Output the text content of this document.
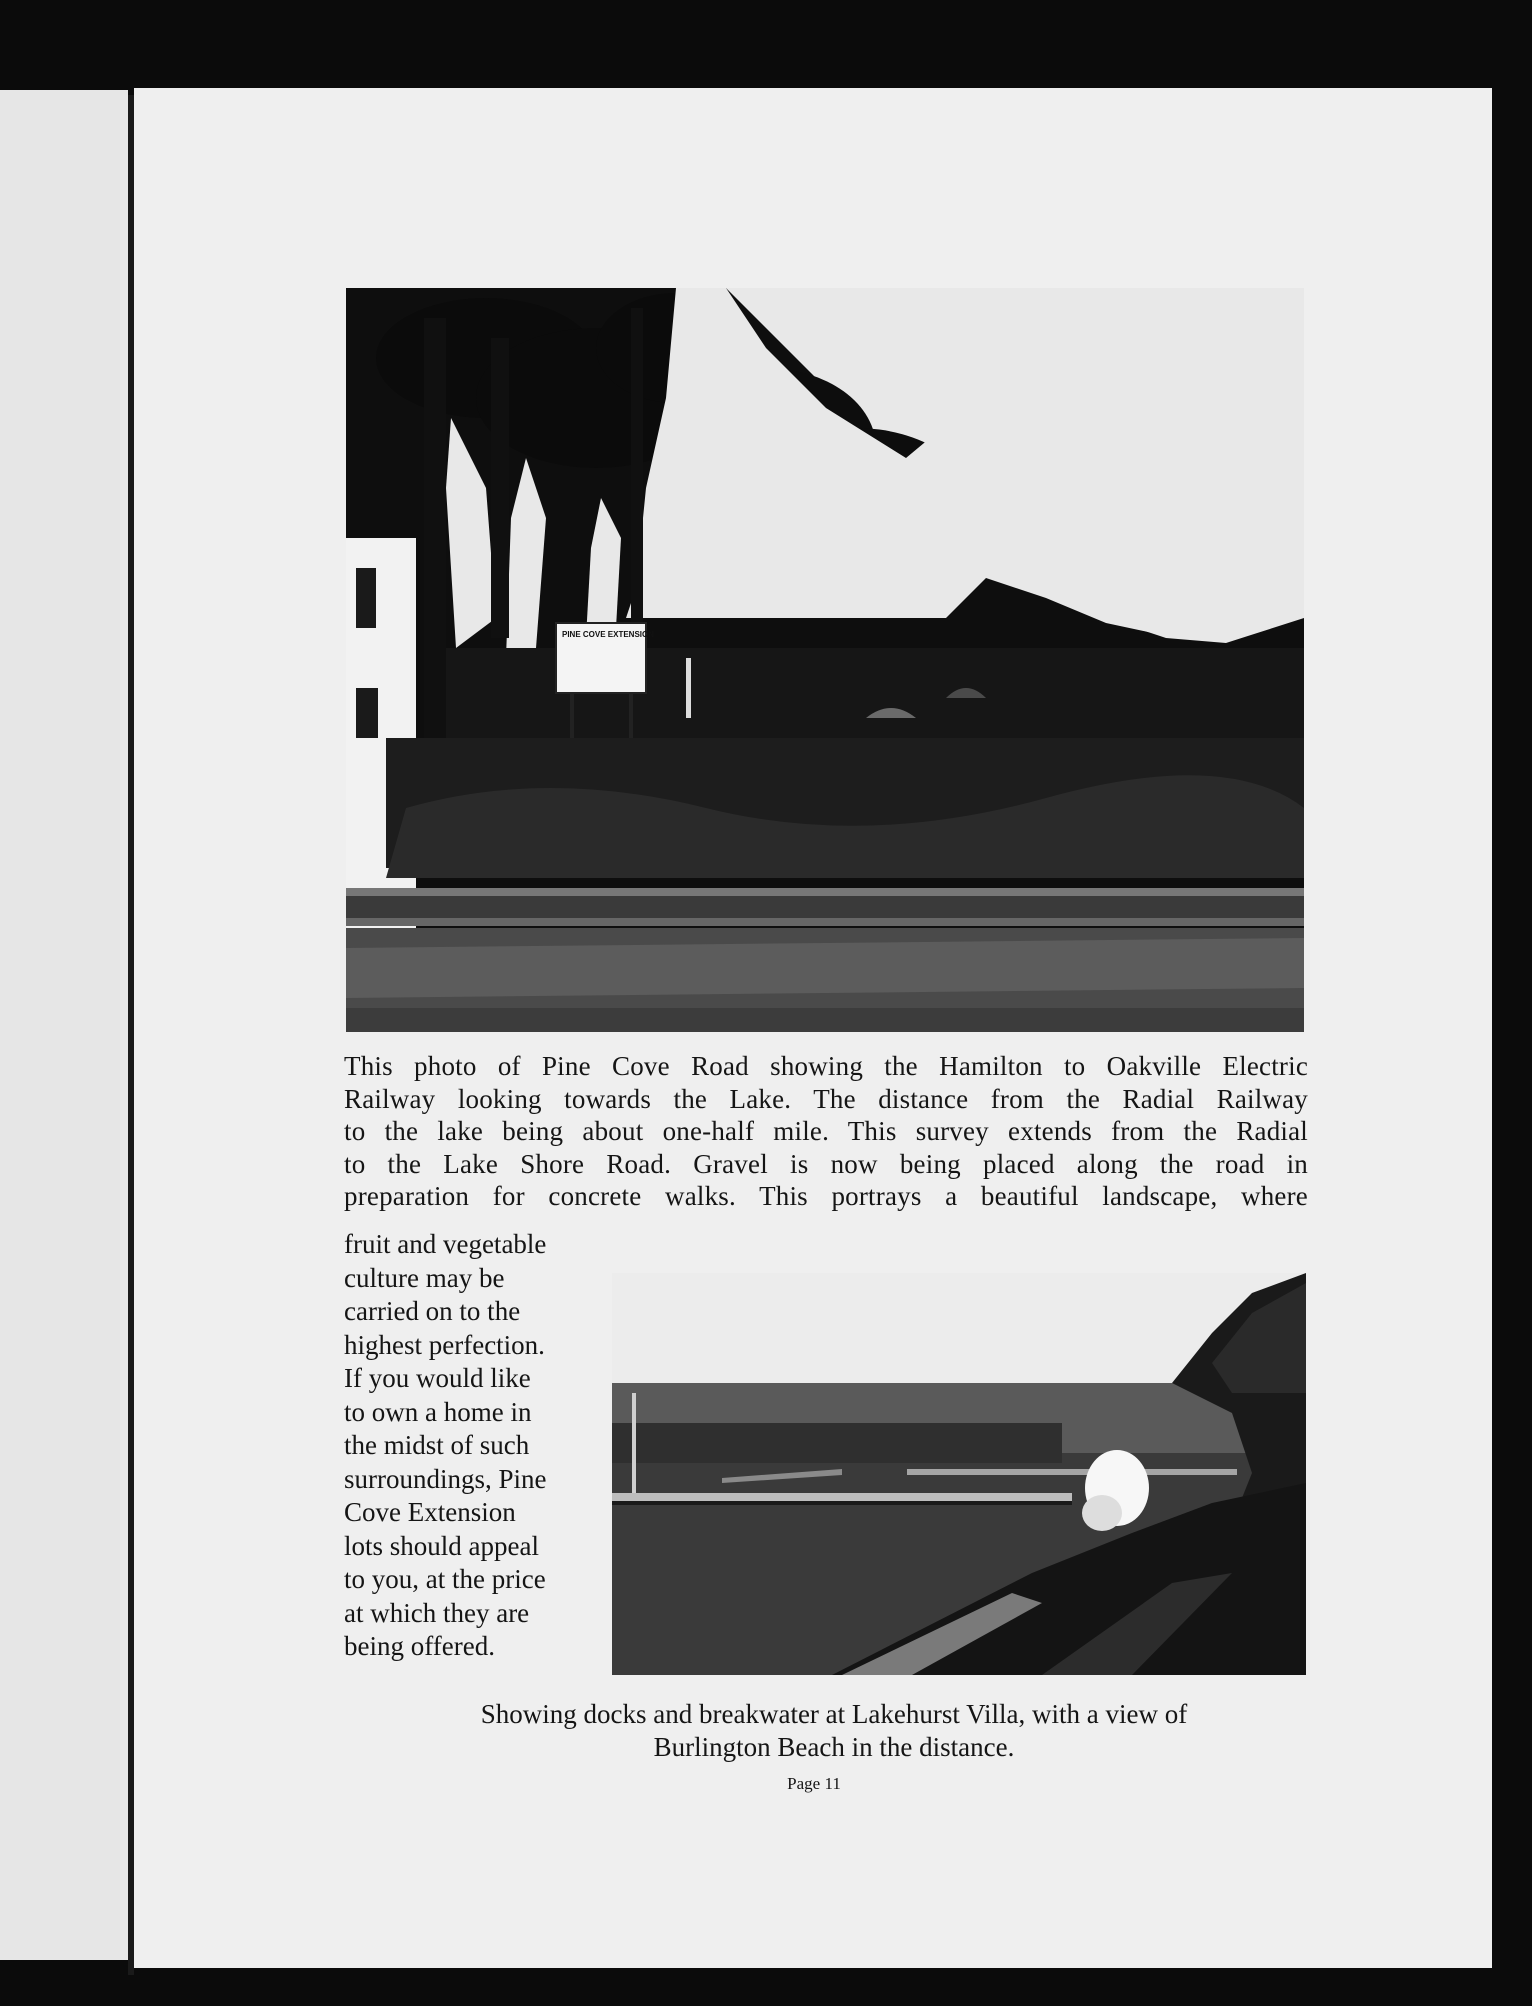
PINE COVE EXTENSION
This photo of Pine Cove Road showing the Hamilton to Oakville Electric
Railway looking towards the Lake. The distance from the Radial Railway
to the lake being about one-half mile. This survey extends from the Radial
to the Lake Shore Road. Gravel is now being placed along the road in
preparation for concrete walks. This portrays a beautiful landscape, where
fruit and vegetable
culture may be
carried on to the
highest perfection.
If you would like
to own a home in
the midst of such
surroundings, Pine
Cove Extension
lots should appeal
to you, at the price
at which they are
being offered.
Showing docks and breakwater at Lakehurst Villa, with a view of
Burlington Beach in the distance.
Page 11
